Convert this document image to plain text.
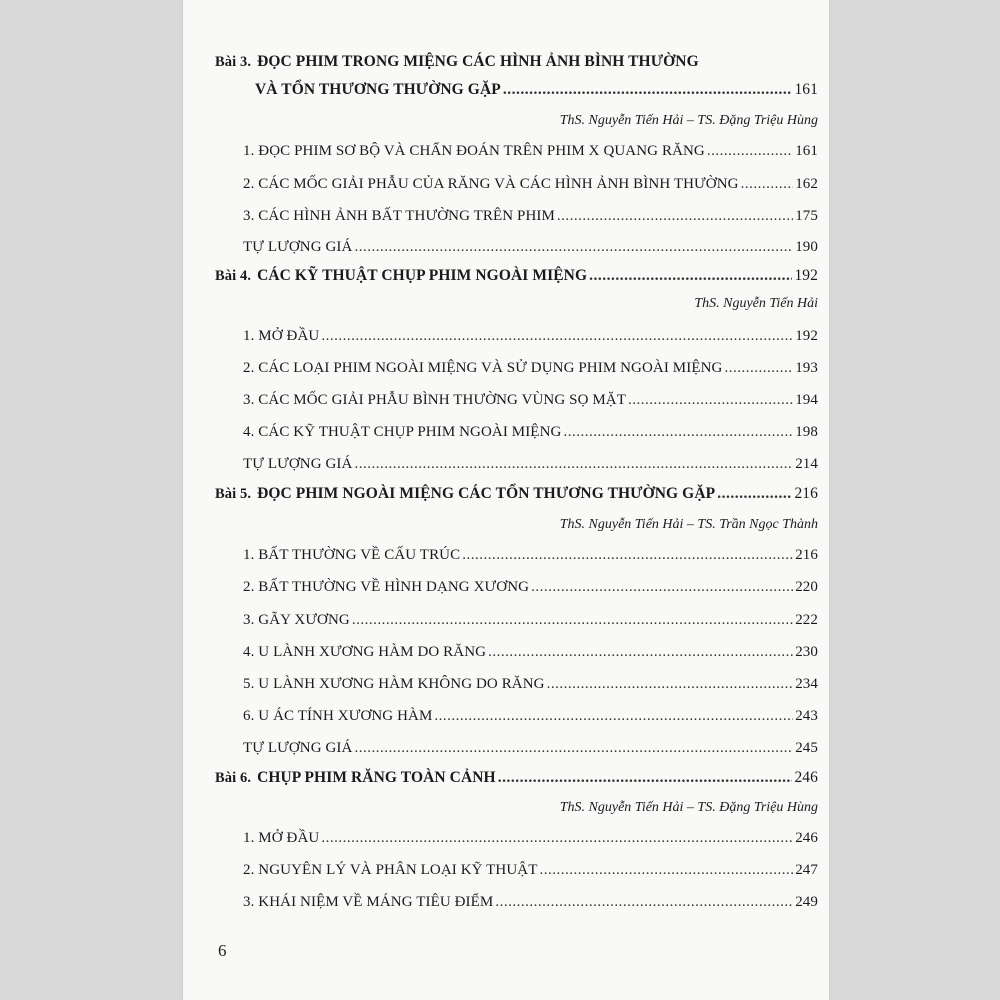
Bài 3. ĐỌC PHIM TRONG MIỆNG CÁC HÌNH ẢNH BÌNH THƯỜNG
VÀ TỔN THƯƠNG THƯỜNG GẶP .....	161
ThS. Nguyễn Tiến Hải – TS. Đặng Triệu Hùng
1. ĐỌC PHIM SƠ BỘ VÀ CHẨN ĐOÁN TRÊN PHIM X QUANG RĂNG .....	161
2. CÁC MỐC GIẢI PHẪU CỦA RĂNG VÀ CÁC HÌNH ẢNH BÌNH THƯỜNG .....	162
3. CÁC HÌNH ẢNH BẤT THƯỜNG TRÊN PHIM .....	175
TỰ LƯỢNG GIÁ .....	190
Bài 4. CÁC KỸ THUẬT CHỤP PHIM NGOÀI MIỆNG .....	192
ThS. Nguyễn Tiến Hải
1. MỞ ĐẦU .....	192
2. CÁC LOẠI PHIM NGOÀI MIỆNG VÀ SỬ DỤNG PHIM NGOÀI MIỆNG .....	193
3. CÁC MỐC GIẢI PHẪU BÌNH THƯỜNG VÙNG SỌ MẶT .....	194
4. CÁC KỸ THUẬT CHỤP PHIM NGOÀI MIỆNG .....	198
TỰ LƯỢNG GIÁ .....	214
Bài 5. ĐỌC PHIM NGOÀI MIỆNG CÁC TỔN THƯƠNG THƯỜNG GẶP .....	216
ThS. Nguyễn Tiến Hải – TS. Trần Ngọc Thành
1. BẤT THƯỜNG VỀ CẤU TRÚC .....	216
2. BẤT THƯỜNG VỀ HÌNH DẠNG XƯƠNG .....	220
3. GÃY XƯƠNG .....	222
4. U LÀNH XƯƠNG HÀM DO RĂNG .....	230
5. U LÀNH XƯƠNG HÀM KHÔNG DO RĂNG .....	234
6. U ÁC TÍNH XƯƠNG HÀM .....	243
TỰ LƯỢNG GIÁ .....	245
Bài 6. CHỤP PHIM RĂNG TOÀN CẢNH .....	246
ThS. Nguyễn Tiến Hải – TS. Đặng Triệu Hùng
1. MỞ ĐẦU .....	246
2. NGUYÊN LÝ VÀ PHÂN LOẠI KỸ THUẬT .....	247
3. KHÁI NIỆM VỀ MÁNG TIÊU ĐIỂM .....	249
6
